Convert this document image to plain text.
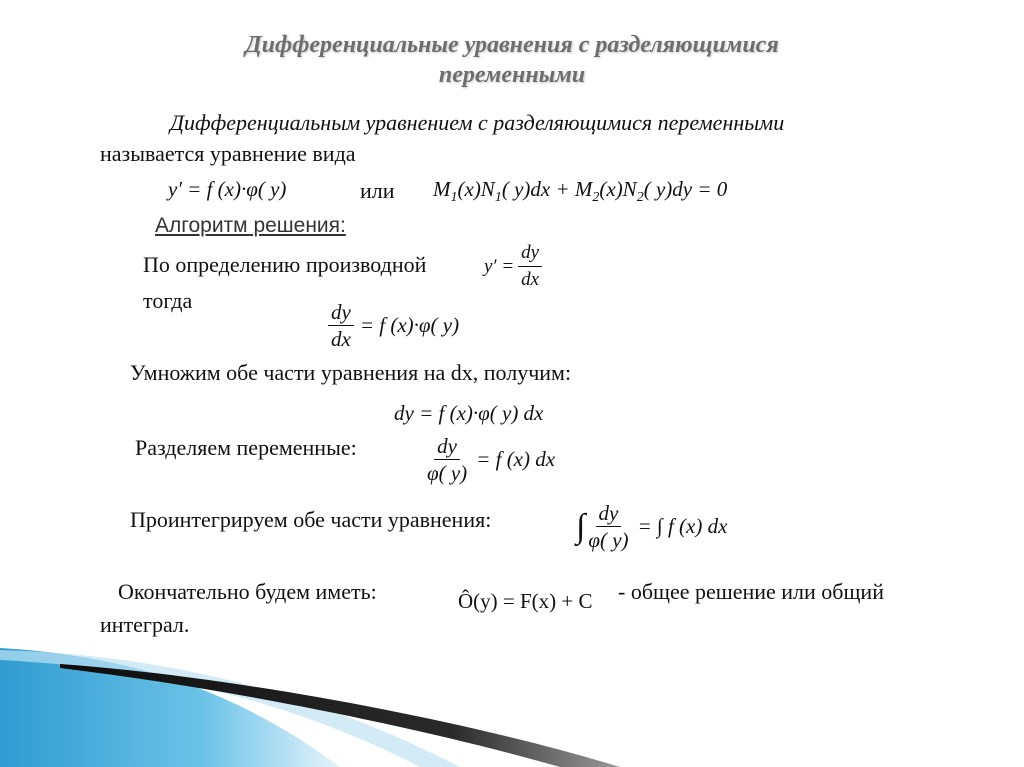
Дифференциальные уравнения с разделяющимися
переменными
Дифференциальным уравнением с разделяющимися переменными
называется уравнение вида
y′ = f (x)·φ( y)	или $M_1(x)N_1$( $y)dx + M_2(x)N_2$( y)dy = 0
Алгоритм решения:
По определению производной	$y' = \frac{dy}{dx}$
тогда	$\frac{dy}{dx} = f$ (x)·φ( y)
Умножим обе части уравнения на dx, получим:
dy = f (x)·φ( y) dx
Разделяем переменные:	$\frac{dy}{\varphi( y)} = f$ (x) dx
Проинтегрируем обе части уравнения: ∫ $\frac{dy}{\varphi( y)}$ = ∫ f (x) dx
Окончательно будем иметь:	Ô(y) = F(x) + C - общее решение или общий
интеграл.
